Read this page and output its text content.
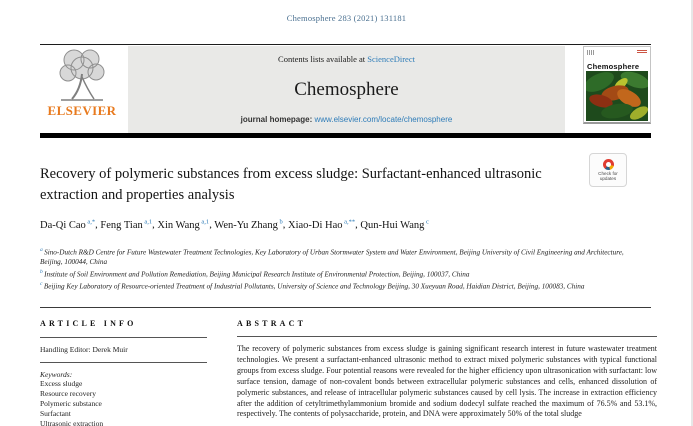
Chemosphere 283 (2021) 131181
ELSEVIER
Contents lists available at ScienceDirect
Chemosphere
journal homepage: www.elsevier.com/locate/chemosphere
Chemosphere
Recovery of polymeric substances from excess sludge: Surfactant-enhanced ultrasonic extraction and properties analysis
Check for updates
Da-Qi Cao $^{a,*}$, Feng Tian $^{a,1}$, Xin Wang $^{a,1}$, Wen-Yu Zhang $^b$, Xiao-Di Hao $^{a,**}$, Qun-Hui Wang $^c$
$^a$ Sino-Dutch R&D Centre for Future Wastewater Treatment Technologies, Key Laboratory of Urban Stormwater System and Water Environment, Beijing University of Civil Engineering and Architecture, Beijing, 100044, China
$^b$ Institute of Soil Environment and Pollution Remediation, Beijing Municipal Research Institute of Environmental Protection, Beijing, 100037, China
$^c$ Beijing Key Laboratory of Resource-oriented Treatment of Industrial Pollutants, University of Science and Technology Beijing, 30 Xueyuan Road, Haidian District, Beijing, 100083, China
ARTICLE INFO
Handling Editor: Derek Muir
Keywords:
Excess sludge
Resource recovery
Polymeric substance
Surfactant
Ultrasonic extraction
ABSTRACT
The recovery of polymeric substances from excess sludge is gaining significant research interest in future wastewater treatment technologies. We present a surfactant-enhanced ultrasonic method to extract mixed polymeric substances with typical functional groups from excess sludge. Four potential reasons were revealed for the higher efficiency upon ultrasonication with surfactant: low surface tension, damage of non-covalent bonds between extracellular polymeric substances and cells, enhanced dissolution of polymeric substances, and release of intracellular polymeric substances caused by cell lysis. The increase in extraction efficiency after the addition of cetyltrimethylammonium bromide and sodium dodecyl sulfate reached the maximum of 76.5% and 53.1%, respectively. The contents of polysaccharide, protein, and DNA were approximately 50% of the total sludge
